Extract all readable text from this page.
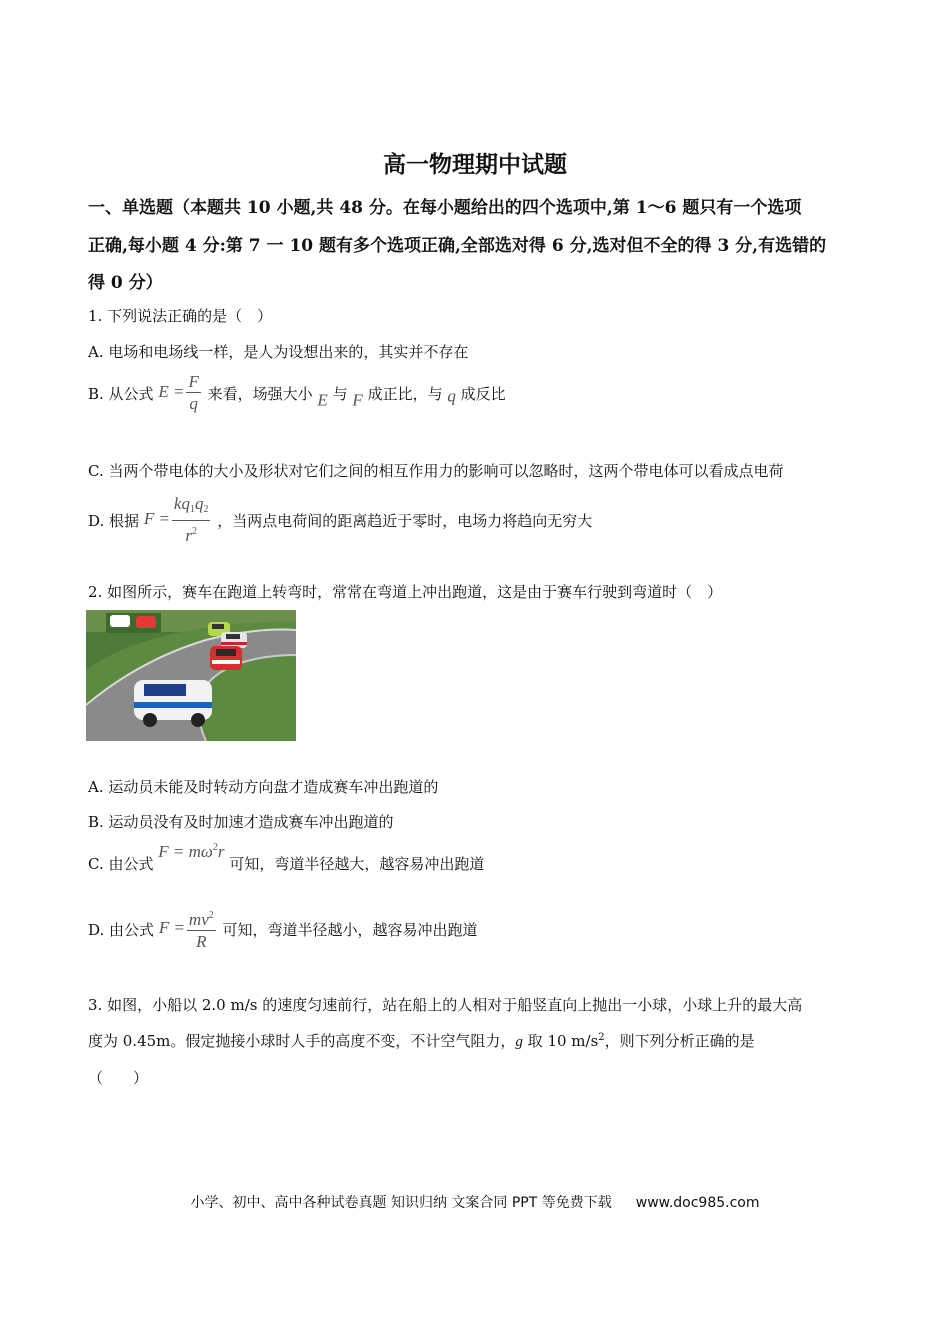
高一物理期中试题
一、单选题（本题共 10 小题,共 48 分。在每小题给出的四个选项中,第 1～6 题只有一个选项
正确,每小题 4 分:第 7 一 10 题有多个选项正确,全部选对得 6 分,选对但不全的得 3 分,有选错的
得 0 分）
1. 下列说法正确的是（　）
A. 电场和电场线一样，是人为设想出来的，其实并不存在
B. 从公式 $E = \frac{F}{q}$ 来看，场强大小 E 与 F 成正比，与 q 成反比
C. 当两个带电体的大小及形状对它们之间的相互作用力的影响可以忽略时，这两个带电体可以看成点电荷
D. 根据 $F = \frac{kq_1q_2}{r^2}$ ，当两点电荷间的距离趋近于零时，电场力将趋向无穷大
2. 如图所示，赛车在跑道上转弯时，常常在弯道上冲出跑道，这是由于赛车行驶到弯道时（　）
A. 运动员未能及时转动方向盘才造成赛车冲出跑道的
B. 运动员没有及时加速才造成赛车冲出跑道的
C. 由公式 $F = m\omega^2r$ 可知，弯道半径越大，越容易冲出跑道
D. 由公式 $F = \frac{mv^2}{R}$ 可知，弯道半径越小，越容易冲出跑道
3. 如图，小船以 2.0 m/s 的速度匀速前行，站在船上的人相对于船竖直向上抛出一小球，小球上升的最大高
度为 0.45m。假定抛接小球时人手的高度不变，不计空气阻力，g 取 10 $m/s^2$，则下列分析正确的是
（　　）
小学、初中、高中各种试卷真题 知识归纳 文案合同 PPT 等免费下载 www.doc985.com
